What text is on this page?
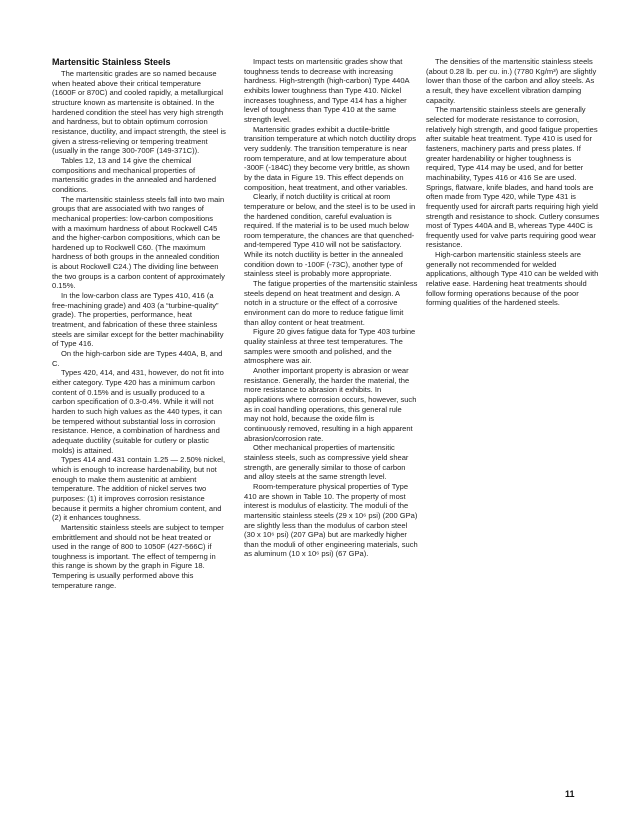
Martensitic Stainless Steels

The martensitic grades are so named because when heated above their critical temperature (1600F or 870C) and cooled rapidly, a metallurgical structure known as martensite is obtained. In the hardened condition the steel has very high strength and hardness, but to obtain optimum corrosion resistance, ductility, and impact strength, the steel is given a stress-relieving or tempering treatment (usually in the range 300-700F (149-371C)).

Tables 12, 13 and 14 give the chemical compositions and mechanical properties of martensitic grades in the annealed and hardened conditions.

The martensitic stainless steels fall into two main groups that are associated with two ranges of mechanical properties: low-carbon compositions with a maximum hardness of about Rockwell C45 and the higher-carbon compositions, which can be hardened up to Rockwell C60. (The maximum hardness of both groups in the annealed condition is about Rockwell C24.) The dividing line between the two groups is a carbon content of approximately 0.15%.

In the low-carbon class are Types 410, 416 (a free-machining grade) and 403 (a “turbine-quality” grade). The properties, performance, heat treatment, and fabrication of these three stainless steels are similar except for the better machinability of Type 416.

On the high-carbon side are Types 440A, B, and C.

Types 420, 414, and 431, however, do not fit into either category. Type 420 has a minimum carbon content of 0.15% and is usually produced to a carbon specification of 0.3-0.4%. While it will not harden to such high values as the 440 types, it can be tempered without substantial loss in corrosion resistance. Hence, a combination of hardness and adequate ductility (suitable for cutlery or plastic molds) is attained.

Types 414 and 431 contain 1.25 — 2.50% nickel, which is enough to increase hardenability, but not enough to make them austenitic at ambient temperature. The addition of nickel serves two purposes: (1) it improves corrosion resistance because it permits a higher chromium content, and (2) it enhances toughness.

Martensitic stainless steels are subject to temper embrittlement and should not be heat treated or used in the range of 800 to 1050F (427-566C) if toughness is important. The effect of temperng in this range is shown by the graph in Figure 18. Tempering is usually performed above this temperature range.

Impact tests on martensitic grades show that toughness tends to decrease with increasing hardness. High-strength (high-carbon) Type 440A exhibits lower toughness than Type 410. Nickel increases toughness, and Type 414 has a higher level of toughness than Type 410 at the same strength level.

Martensitic grades exhibit a ductile-brittle transition temperature at which notch ductility drops very suddenly. The transition temperature is near room temperature, and at low temperature about -300F (-184C) they become very brittle, as shown by the data in Figure 19. This effect depends on composition, heat treatment, and other variables.

Clearly, if notch ductility is critical at room temperature or below, and the steel is to be used in the hardened condition, careful evaluation is required. If the material is to be used much below room temperature, the chances are that quenched-and-tempered Type 410 will not be satisfactory. While its notch ductility is better in the annealed condition down to -100F (-73C), another type of stainless steel is probably more appropriate.

The fatigue properties of the martensitic stainless steels depend on heat treatment and design. A notch in a structure or the effect of a corrosive environment can do more to reduce fatigue limit than alloy content or heat treatment.

Figure 20 gives fatigue data for Type 403 turbine quality stainless at three test temperatures. The samples were smooth and polished, and the atmosphere was air.

Another important property is abrasion or wear resistance. Generally, the harder the material, the more resistance to abrasion it exhibits. In applications where corrosion occurs, however, such as in coal handling operations, this general rule may not hold, because the oxide film is continuously removed, resulting in a high apparent abrasion/corrosion rate.

Other mechanical properties of martensitic stainless steels, such as compressive yield shear strength, are generally similar to those of carbon and alloy steels at the same strength level.

Room-temperature physical properties of Type 410 are shown in Table 10. The property of most interest is modulus of elasticity. The moduli of the martensitic stainless steels (29 x 10⁶ psi) (200 GPa) are slightly less than the modulus of carbon steel (30 x 10⁶ psi) (207 GPa) but are markedly higher than the moduli of other engineering materials, such as aluminum (10 x 10⁶ psi) (67 GPa).

The densities of the martensitic stainless steels (about 0.28 lb. per cu. in.) (7780 Kg/m³) are slightly lower than those of the carbon and alloy steels. As a result, they have excellent vibration damping capacity.

The martensitic stainless steels are generally selected for moderate resistance to corrosion, relatively high strength, and good fatigue properties after suitable heat treatment. Type 410 is used for fasteners, machinery parts and press plates. If greater hardenability or higher toughness is required, Type 414 may be used, and for better machinability, Types 416 or 416 Se are used. Springs, flatware, knife blades, and hand tools are often made from Type 420, while Type 431 is frequently used for aircraft parts requiring high yield strength and resistance to shock. Cutlery consumes most of Types 440A and B, whereas Type 440C is frequently used for valve parts requiring good wear resistance.

High-carbon martensitic stainless steels are generally not recommended for welded applications, although Type 410 can be welded with relative ease. Hardening heat treatments should follow forming operations because of the poor forming qualities of the hardened steels.

11
